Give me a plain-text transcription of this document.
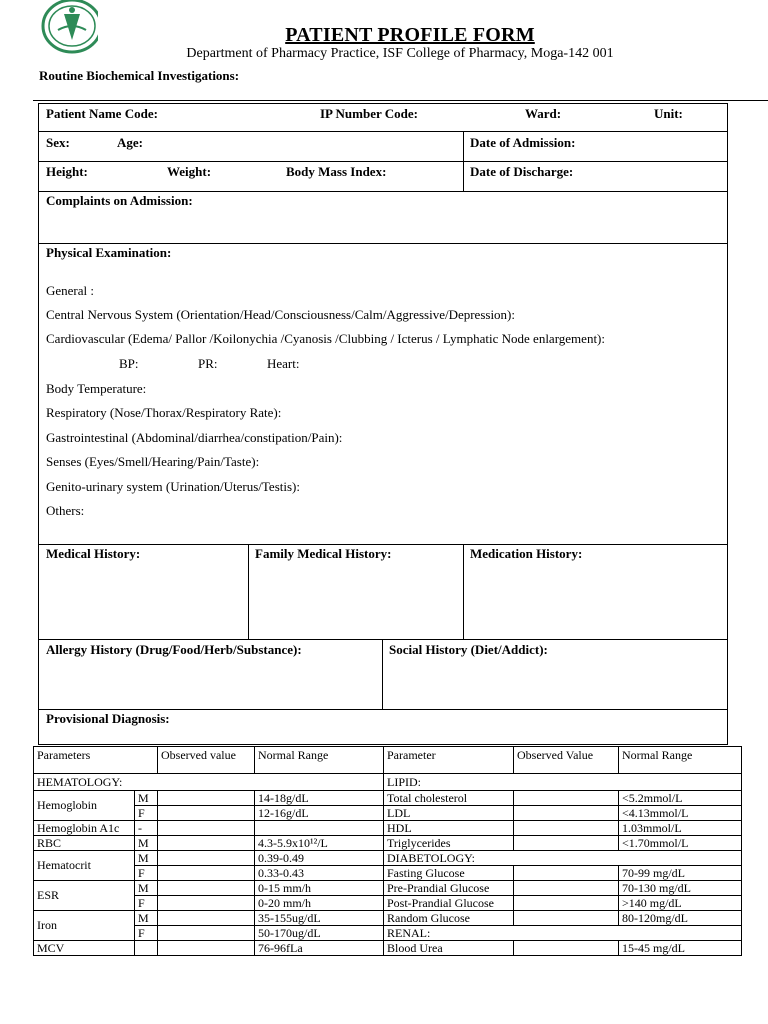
PATIENT PROFILE FORM
Department of Pharmacy Practice, ISF College of Pharmacy, Moga-142 001
Routine Biochemical Investigations:
Patient Name Code:	IP Number Code:	Ward:	Unit:
Sex:	Age:	Date of Admission:
Height:	Weight:	Body Mass Index:	Date of Discharge:
Complaints on Admission:
Physical Examination:
General :
Central Nervous System (Orientation/Head/Consciousness/Calm/Aggressive/Depression):
Cardiovascular (Edema/ Pallor /Koilonychia /Cyanosis /Clubbing / Icterus / Lymphatic Node enlargement):
BP:	PR:	Heart:
Body Temperature:
Respiratory (Nose/Thorax/Respiratory Rate):
Gastrointestinal (Abdominal/diarrhea/constipation/Pain):
Senses (Eyes/Smell/Hearing/Pain/Taste):
Genito-urinary system (Urination/Uterus/Testis):
Others:
Medical History:	Family Medical History:	Medication History:
Allergy History (Drug/Food/Herb/Substance):	Social History (Diet/Addict):
Provisional Diagnosis:
Parameters		Observed value	Normal Range	Parameter	Observed Value	Normal Range
HEMATOLOGY:				LIPID:		
Hemoglobin	M		14-18g/dL	Total cholesterol		<5.2mmol/L
	F		12-16g/dL	LDL		<4.13mmol/L
Hemoglobin A1c	-			HDL		1.03mmol/L
RBC	M		4.3-5.9x10¹²/L	Triglycerides		<1.70mmol/L
Hematocrit	M		0.39-0.49	DIABETOLOGY:		
	F		0.33-0.43	Fasting Glucose		70-99 mg/dL
ESR	M		0-15 mm/h	Pre-Prandial Glucose		70-130 mg/dL
	F		0-20 mm/h	Post-Prandial Glucose		>140 mg/dL
Iron	M		35-155ug/dL	Random Glucose		80-120mg/dL
	F		50-170ug/dL	RENAL:		
MCV			76-96fLa	Blood Urea		15-45 mg/dL
